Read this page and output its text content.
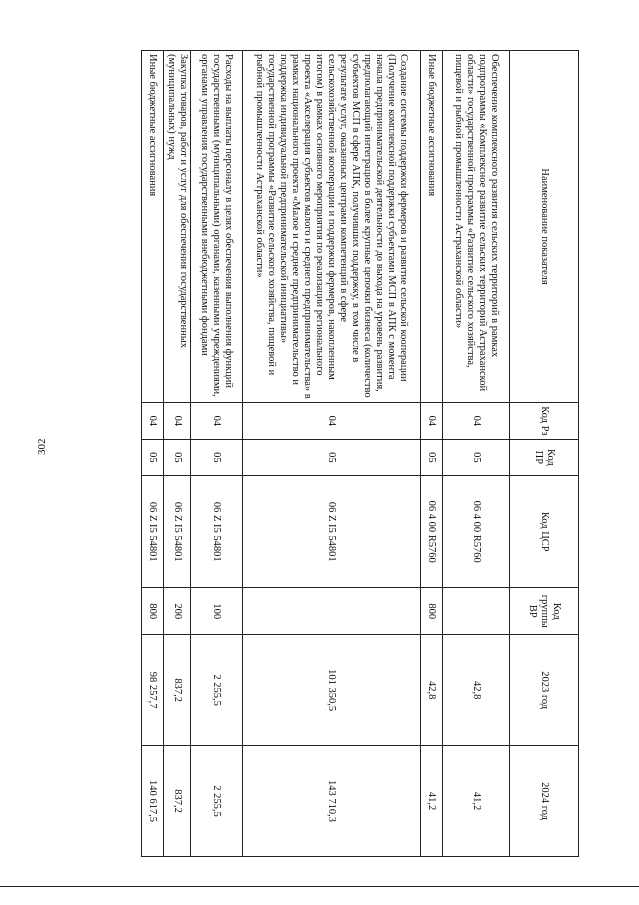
302
Наименование показателя	Код Рз	Код ПР	Код ЦСР	Код группы ВР	2023 год	2024 год
Обеспечение комплексного развития сельских территорий в рамках подпрограммы «Комплексное развитие сельских территорий Астраханской области» государственной программы «Развитие сельского хозяйства, пищевой и рыбной промышленности Астраханской области»	04	05	06 4 00 R5760		42,8	41,2
Иные бюджетные ассигнования	04	05	06 4 00 R5760	800	42,8	41,2
Создание системы поддержки фермеров и развитие сельской кооперации (Получение комплексной поддержки субъектами МСП в АПК с момента начала предпринимательской деятельности до выхода на уровень развития, предполагающий интеграцию в более крупные цепочки бизнеса (количество субъектов МСП в сфере АПК, получивших поддержку, в том числе в результате услуг, оказанных центрами компетенций в сфере сельскохозяйственной кооперации и поддержки фермеров, накопленным итогом) в рамках основного мероприятия по реализации регионального проекта «Акселерация субъектов малого и среднего предпринимательства» в рамках национального проекта «Малое и среднее предпринимательство и поддержка индивидуальной предпринимательской инициативы» государственной программы «Развитие сельского хозяйства, пищевой и рыбной промышленности Астраханской области»	04	05	06 Z I5 54801		101 350,5	143 710,3
Расходы на выплаты персоналу в целях обеспечения выполнения функций государственными (муниципальными) органами, казенными учреждениями, органами управления государственными внебюджетными фондами	04	05	06 Z I5 54801	100	2 255,5	2 255,5
Закупка товаров, работ и услуг для обеспечения государственных (муниципальных) нужд	04	05	06 Z I5 54801	200	837,2	837,2
Иные бюджетные ассигнования	04	05	06 Z I5 54801	800	98 257,7	140 617,5
